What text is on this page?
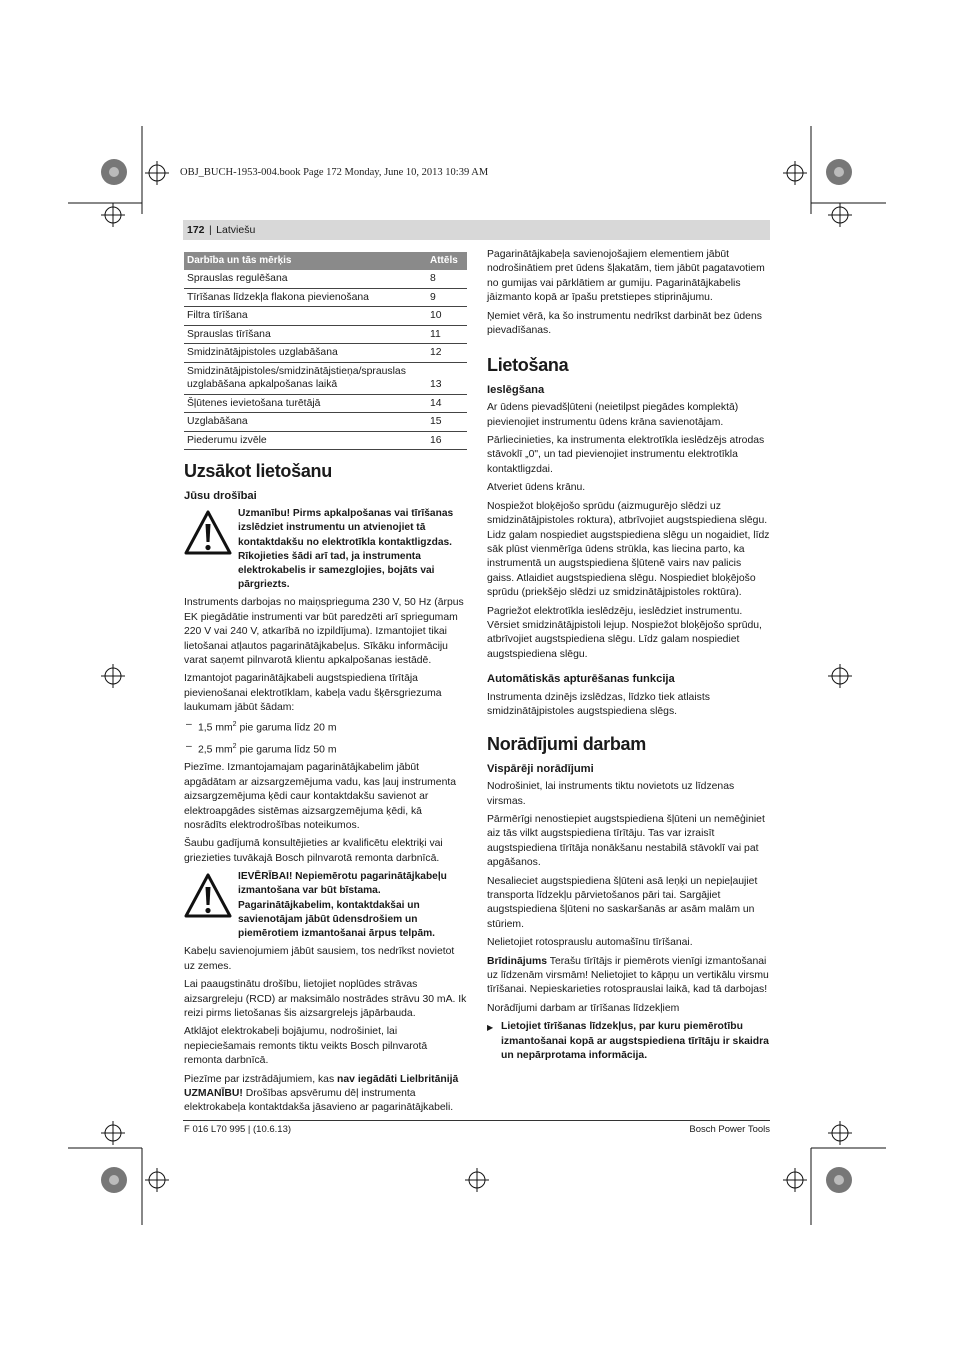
OBJ_BUCH-1953-004.book Page 172 Monday, June 10, 2013 10:39 AM
172 | Latviešu
Darbība un tās mērķis	Attēls
Sprauslas regulēšana	8
Tīrīšanas līdzekļa flakona pievienošana	9
Filtra tīrīšana	10
Sprauslas tīrīšana	11
Smidzinātājpistoles uzglabāšana	12
Smidzinātājpistoles/smidzinātājstieņa/sprauslas uzglabāšana apkalpošanas laikā	13
Šļūtenes ievietošana turētājā	14
Uzglabāšana	15
Piederumu izvēle	16
Uzsākot lietošanu
Jūsu drošībai
Uzmanību! Pirms apkalpošanas vai tīrīšanas izslēdziet instrumentu un atvienojiet tā kontaktdakšu no elektrotīkla kontaktligzdas. Rīkojieties šādi arī tad, ja instrumenta elektrokabelis ir samezglojies, bojāts vai pārgriezts.

Instruments darbojas no maiņsprieguma 230 V, 50 Hz (ārpus EK piegādātie instrumenti var būt paredzēti arī spriegumam 220 V vai 240 V, atkarībā no izpildījuma). Izmantojiet tikai lietošanai atļautos pagarinātājkabeļus. Sīkāku informāciju varat saņemt pilnvarotā klientu apkalpošanas iestādē.

Izmantojot pagarinātājkabeli augstspiediena tīrītāja pievienošanai elektrotīklam, kabeļa vadu šķērsgriezuma laukumam jābūt šādam:

– 1,5 $mm^2$ pie garuma līdz 20 m

– 2,5 $mm^2$ pie garuma līdz 50 m

Piezīme. Izmantojamajam pagarinātājkabelim jābūt apgādātam ar aizsargzemējuma vadu, kas ļauj instrumenta aizsargzemējuma ķēdi caur kontaktdakšu savienot ar elektroapgādes sistēmas aizsargzemējuma ķēdi, kā nosrādīts elektrodrošības noteikumos.

Šaubu gadījumā konsultējieties ar kvalificētu elektriķi vai griezieties tuvākajā Bosch pilnvarotā remonta darbnīcā.

IEVĒRĪBAI! Nepiemērotu pagarinātājkabeļu izmantošana var būt bīstama. Pagarinātājkabelim, kontaktdakšai un savienotājam jābūt ūdensdrošiem un piemērotiem izmantošanai ārpus telpām.

Kabeļu savienojumiem jābūt sausiem, tos nedrīkst novietot uz zemes.

Lai paaugstinātu drošību, lietojiet noplūdes strāvas aizsargreleju (RCD) ar maksimālo nostrādes strāvu 30 mA. Ik reizi pirms lietošanas šis aizsargrelejs jāpārbauda.

Atklājot elektrokabeļi bojājumu, nodrošiniet, lai nepieciešamais remonts tiktu veikts Bosch pilnvarotā remonta darbnīcā.

Piezīme par izstrādājumiem, kas nav iegādāti Lielbritānijā
UZMANĪBU! Drošības apsvērumu dēļ instrumenta elektrokabeļa kontaktdakša jāsavieno ar pagarinātājkabeli.

Pagarinātājkabeļa savienojošajiem elementiem jābūt nodrošinātiem pret ūdens šļakatām, tiem jābūt pagatavotiem no gumijas vai pārklātiem ar gumiju. Pagarinātājkabelis jāizmanto kopā ar īpašu pretstiepes stiprinājumu.

Ņemiet vērā, ka šo instrumentu nedrīkst darbināt bez ūdens pievadīšanas.

Lietošana
Ieslēgšana

Ar ūdens pievadšļūteni (neietilpst piegādes komplektā) pievienojiet instrumentu ūdens krāna savienotājam.

Pārliecinieties, ka instrumenta elektrotīkla ieslēdzējs atrodas stāvoklī „0", un tad pievienojiet instrumentu elektrotīkla kontaktligzdai.

Atveriet ūdens krānu.

Nospiežot bloķējošo sprūdu (aizmugurējo slēdzi uz smidzinātājpistoles roktura), atbrīvojiet augstspiediena slēgu. Lidz galam nospiediet augstspiediena slēgu un nogaidiet, līdz sāk plūst vienmērīga ūdens strūkla, kas liecina parto, ka instrumentā un augstspiediena šļūtenē vairs nav palicis gaiss. Atlaidiet augstspiediena slēgu. Nospiediet bloķējošo sprūdu (priekšējo slēdzi uz smidzinātājpistoles roktūra).

Pagriežot elektrotīkla ieslēdzēju, ieslēdziet instrumentu. Vērsiet smidzinātājpistoli lejup. Nospiežot bloķējošo sprūdu, atbrīvojiet augstspiediena slēgu. Līdz galam nospiediet augstspiediena slēgu.

Automātiskās apturēšanas funkcija

Instrumenta dzinējs izslēdzas, līdzko tiek atlaists smidzinātājpistoles augstspiediena slēgs.

Norādījumi darbam
Vispārēji norādījumi

Nodrošiniet, lai instruments tiktu novietots uz līdzenas virsmas.

Pārmērīgi nenostiepiet augstspiediena šļūteni un nemēģiniet aiz tās vilkt augstspiediena tīrītāju. Tas var izraisīt augstspiediena tīrītāja nonākšanu nestabilā stāvoklī vai pat apgāšanos.

Nesalieciet augstspiediena šļūteni asā leņķi un nepieļaujiet transporta līdzekļu pārvietošanos pāri tai. Sargājiet augstspiediena šļūteni no saskaršanās ar asām malām un stūriem.

Nelietojiet rotosprauslu automašīnu tīrīšanai.

Brīdinājums Terašu tīrītājs ir piemērots vienīgi izmantošanai uz līdzenām virsmām! Nelietojiet to kāpņu un vertikālu virsmu tīrīšanai. Nepieskarieties rotosprauslai laikā, kad tā darbojas!

Norādījumi darbam ar tīrīšanas līdzekļiem

▶ Lietojiet tīrīšanas līdzekļus, par kuru piemērotību izmantošanai kopā ar augstspiediena tīrītāju ir skaidra un nepārprotama informācija.

F 016 L70 995 | (10.6.13)	Bosch Power Tools
